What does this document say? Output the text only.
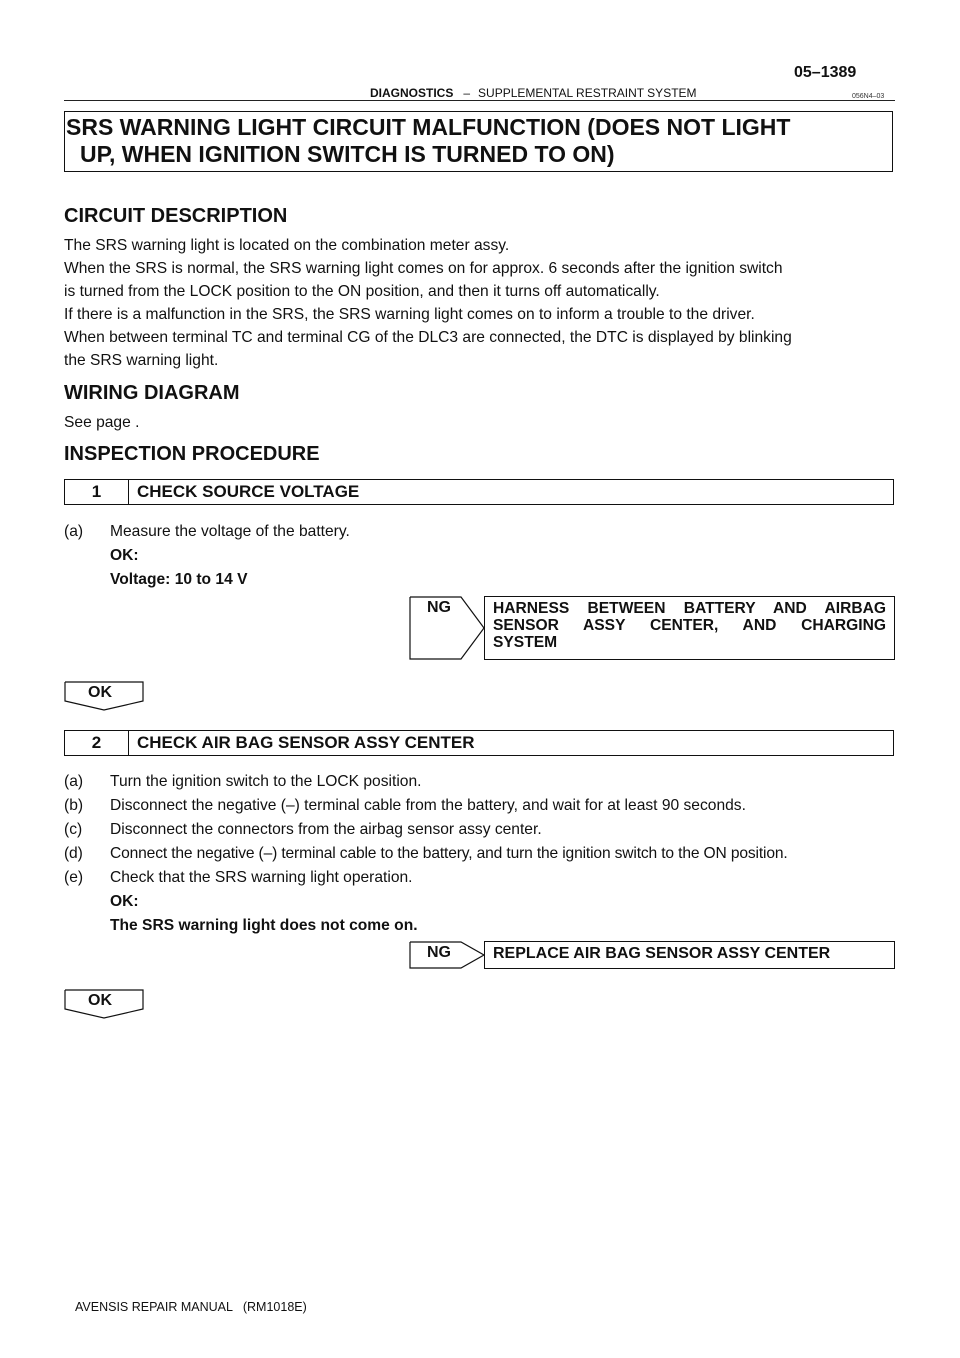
05–1389
DIAGNOSTICS – SUPPLEMENTAL RESTRAINT SYSTEM	056N4–03
SRS WARNING LIGHT CIRCUIT MALFUNCTION (DOES NOT LIGHT
UP, WHEN IGNITION SWITCH IS TURNED TO ON)
CIRCUIT DESCRIPTION
The SRS warning light is located on the combination meter assy.
When the SRS is normal, the SRS warning light comes on for approx. 6 seconds after the ignition switch
is turned from the LOCK position to the ON position, and then it turns off automatically.
If there is a malfunction in the SRS, the SRS warning light comes on to inform a trouble to the driver.
When between terminal TC and terminal CG of the DLC3 are connected, the DTC is displayed by blinking
the SRS warning light.
WIRING DIAGRAM
See page .
INSPECTION PROCEDURE
1	CHECK SOURCE VOLTAGE
(a) Measure the voltage of the battery.
OK:
Voltage: 10 to 14 V
NG	HARNESS BETWEEN BATTERY AND AIRBAG
SENSOR ASSY CENTER, AND CHARGING
SYSTEM
OK
2	CHECK AIR BAG SENSOR ASSY CENTER
(a) Turn the ignition switch to the LOCK position.
(b) Disconnect the negative (–) terminal cable from the battery, and wait for at least 90 seconds.
(c) Disconnect the connectors from the airbag sensor assy center.
(d) Connect the negative (–) terminal cable to the battery, and turn the ignition switch to the ON position.
(e) Check that the SRS warning light operation.
OK:
The SRS warning light does not come on.
NG	REPLACE AIR BAG SENSOR ASSY CENTER
OK
AVENSIS REPAIR MANUAL   (RM1018E)
